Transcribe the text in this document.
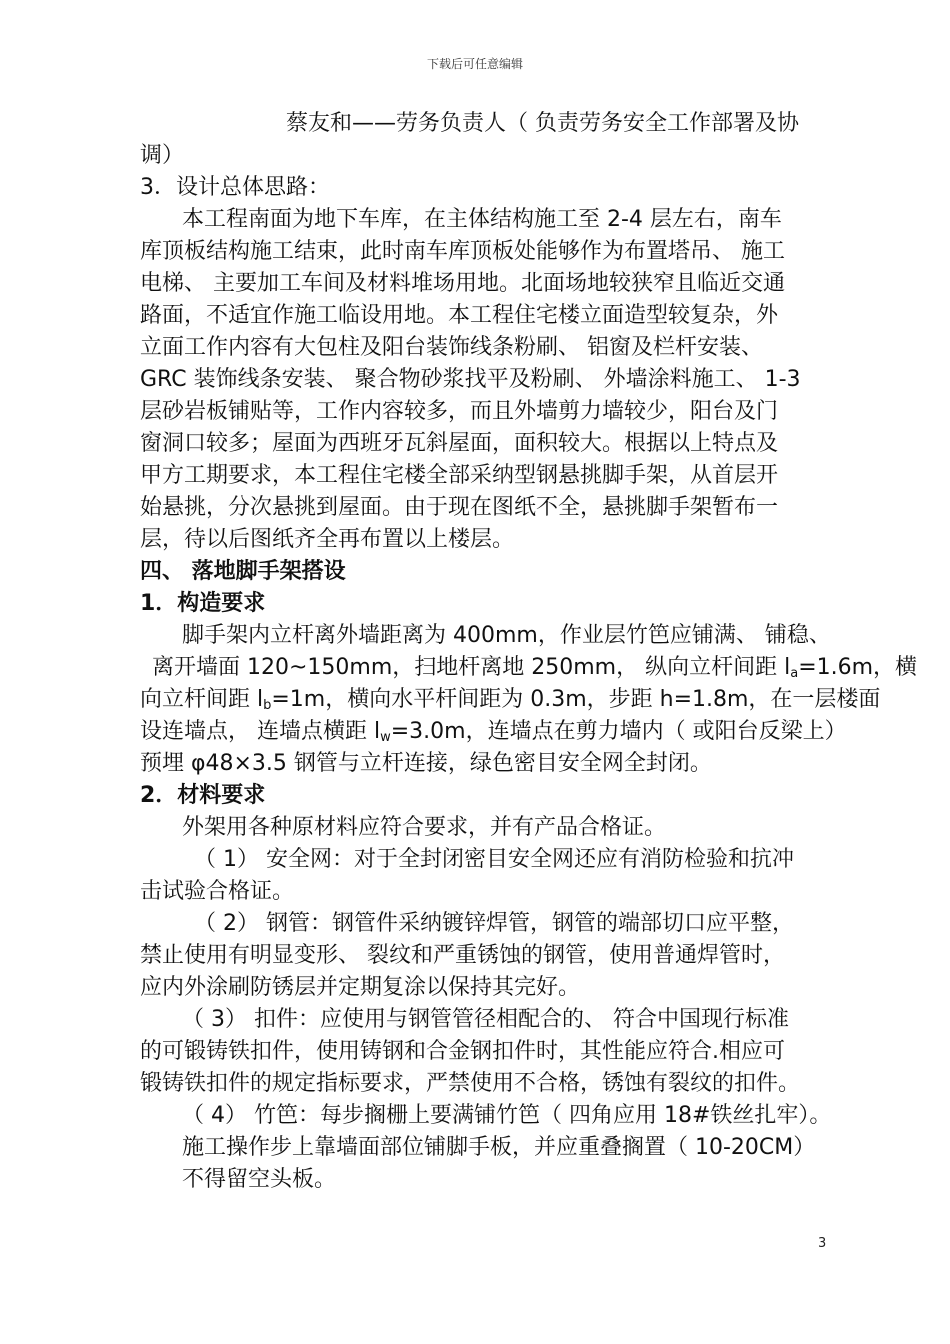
下载后可任意编辑
蔡友和——劳务负责人（ 负责劳务安全工作部署及协
调）
3．设计总体思路：
本工程南面为地下车库，在主体结构施工至 2-4 层左右，南车
库顶板结构施工结束，此时南车库顶板处能够作为布置塔吊、 施工
电梯、 主要加工车间及材料堆场用地。北面场地较狭窄且临近交通
路面，不适宜作施工临设用地。本工程住宅楼立面造型较复杂，外
立面工作内容有大包柱及阳台装饰线条粉刷、 铝窗及栏杆安装、
GRC 装饰线条安装、 聚合物砂浆找平及粉刷、 外墙涂料施工、 1-3
层砂岩板铺贴等，工作内容较多，而且外墙剪力墙较少，阳台及门
窗洞口较多；屋面为西班牙瓦斜屋面，面积较大。根据以上特点及
甲方工期要求，本工程住宅楼全部采纳型钢悬挑脚手架，从首层开
始悬挑，分次悬挑到屋面。由于现在图纸不全，悬挑脚手架暂布一
层，待以后图纸齐全再布置以上楼层。
四、 落地脚手架搭设
1．构造要求
脚手架内立杆离外墙距离为 400mm，作业层竹笆应铺满、 铺稳、
离开墙面 120~150mm，扫地杆离地 250mm， 纵向立杆间距 $l_a=1.6m$，横
向立杆间距 $l_b=1m$，横向水平杆间距为 0.3m，步距 h=1.8m，在一层楼面
设连墙点， 连墙点横距 $l_w=3.0m$，连墙点在剪力墙内（ 或阳台反梁上）
预埋 φ48×3.5 钢管与立杆连接，绿色密目安全网全封闭。
2．材料要求
外架用各种原材料应符合要求，并有产品合格证。
（ 1） 安全网：对于全封闭密目安全网还应有消防检验和抗冲
击试验合格证。
（ 2） 钢管：钢管件采纳镀锌焊管，钢管的端部切口应平整，
禁止使用有明显变形、 裂纹和严重锈蚀的钢管，使用普通焊管时，
应内外涂刷防锈层并定期复涂以保持其完好。
（ 3） 扣件：应使用与钢管管径相配合的、 符合中国现行标准
的可锻铸铁扣件，使用铸钢和合金钢扣件时，其性能应符合.相应可
锻铸铁扣件的规定指标要求，严禁使用不合格，锈蚀有裂纹的扣件。
（ 4） 竹笆：每步搁栅上要满铺竹笆（ 四角应用 18#铁丝扎牢）。
施工操作步上靠墙面部位铺脚手板，并应重叠搁置（ 10-20CM）
不得留空头板。
3
